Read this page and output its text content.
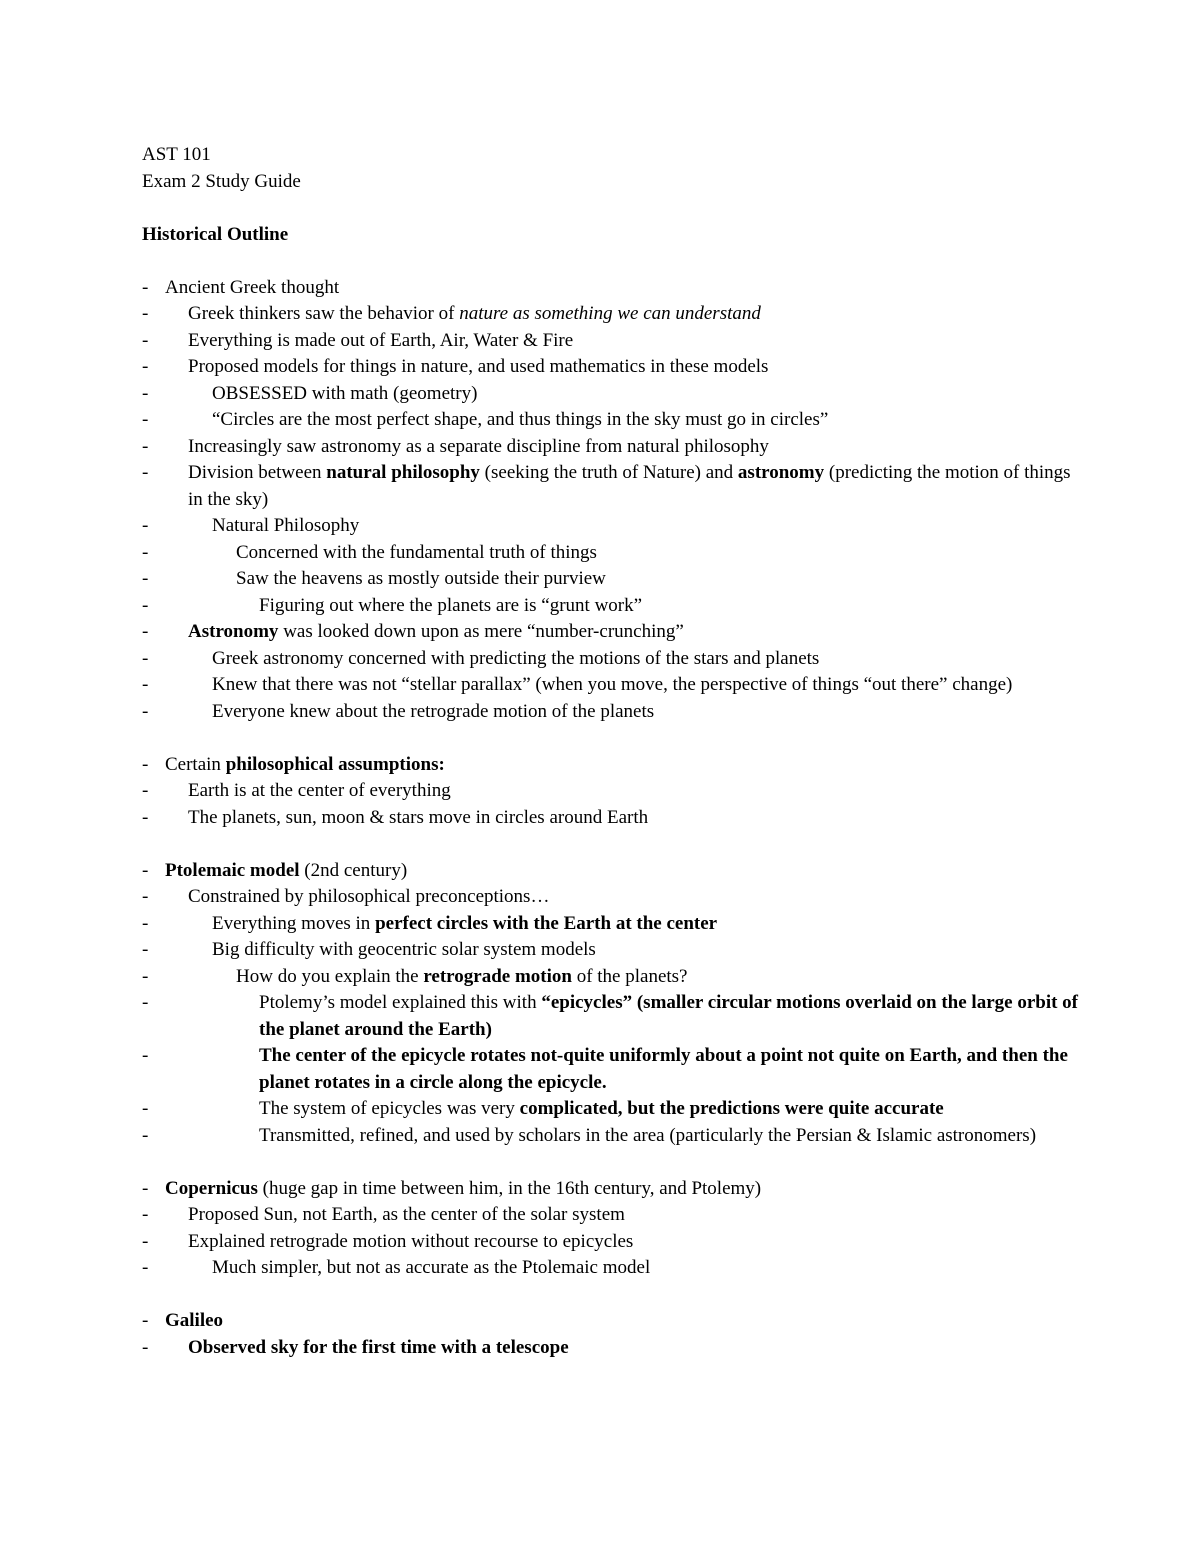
AST 101
Exam 2 Study Guide
Historical Outline
- Ancient Greek thought
-	Greek thinkers saw the behavior of nature as something we can understand
-	Everything is made out of Earth, Air, Water & Fire
-	Proposed models for things in nature, and used mathematics in these models
-	OBSESSED with math (geometry)
-	“Circles are the most perfect shape, and thus things in the sky must go in circles”
-	Increasingly saw astronomy as a separate discipline from natural philosophy
-	Division between natural philosophy (seeking the truth of Nature) and astronomy (predicting the motion of things in the sky)
-	Natural Philosophy
-	Concerned with the fundamental truth of things
-	Saw the heavens as mostly outside their purview
-	Figuring out where the planets are is “grunt work”
-	Astronomy was looked down upon as mere “number-crunching”
-	Greek astronomy concerned with predicting the motions of the stars and planets
-	Knew that there was not “stellar parallax” (when you move, the perspective of things “out there” change)
-	Everyone knew about the retrograde motion of the planets
- Certain philosophical assumptions:
-	Earth is at the center of everything
-	The planets, sun, moon & stars move in circles around Earth
- Ptolemaic model (2nd century)
-	Constrained by philosophical preconceptions…
-	Everything moves in perfect circles with the Earth at the center
-	Big difficulty with geocentric solar system models
-	How do you explain the retrograde motion of the planets?
-	Ptolemy’s model explained this with “epicycles” (smaller circular motions overlaid on the large orbit of the planet around the Earth)
-	The center of the epicycle rotates not-quite uniformly about a point not quite on Earth, and then the planet rotates in a circle along the epicycle.
-	The system of epicycles was very complicated, but the predictions were quite accurate
-	Transmitted, refined, and used by scholars in the area (particularly the Persian & Islamic astronomers)
- Copernicus (huge gap in time between him, in the 16th century, and Ptolemy)
-	Proposed Sun, not Earth, as the center of the solar system
-	Explained retrograde motion without recourse to epicycles
-	Much simpler, but not as accurate as the Ptolemaic model
- Galileo
-	Observed sky for the first time with a telescope
